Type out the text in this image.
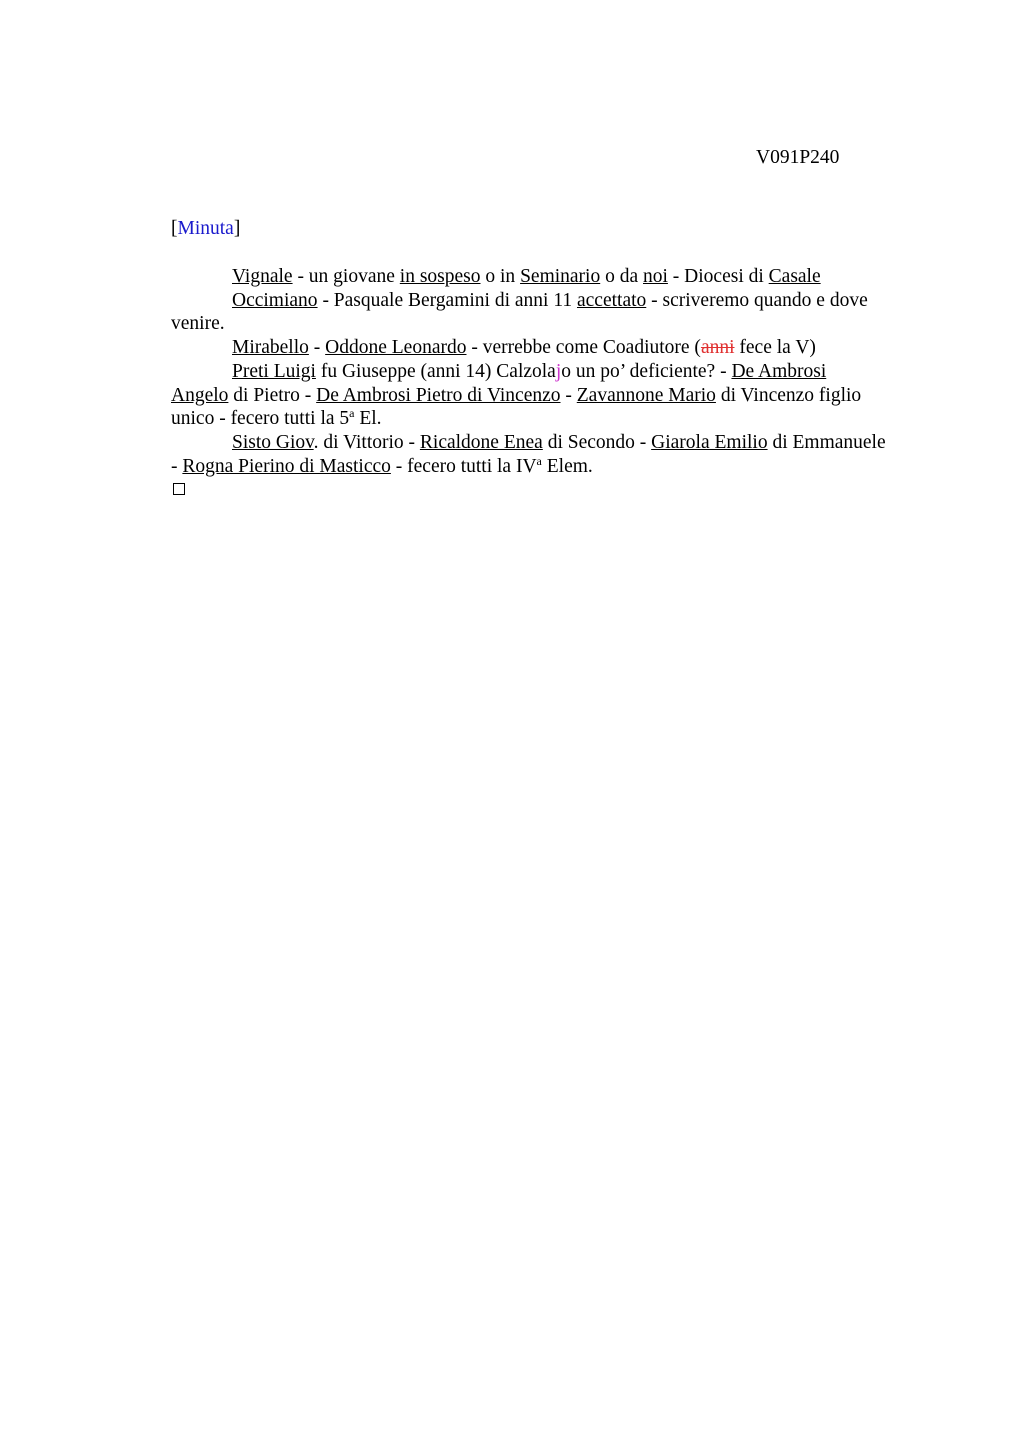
V091P240
[Minuta]

Vignale - un giovane in sospeso o in Seminario o da noi - Diocesi di Casale

Occimiano - Pasquale Bergamini di anni 11 accettato - scriveremo quando e dove

venire.

Mirabello - Oddone Leonardo - verrebbe come Coadiutore (anni fece la V)

Preti Luigi fu Giuseppe (anni 14) Calzolajo un po’ deficiente? - De Ambrosi

Angelo di Pietro - De Ambrosi Pietro di Vincenzo - Zavannone Mario di Vincenzo figlio

unico - fecero tutti la 5$^a$ El.

Sisto Giov. di Vittorio - Ricaldone Enea di Secondo - Giarola Emilio di Emmanuele

- Rogna Pierino di Masticco - fecero tutti la $IV^a$ Elem.
